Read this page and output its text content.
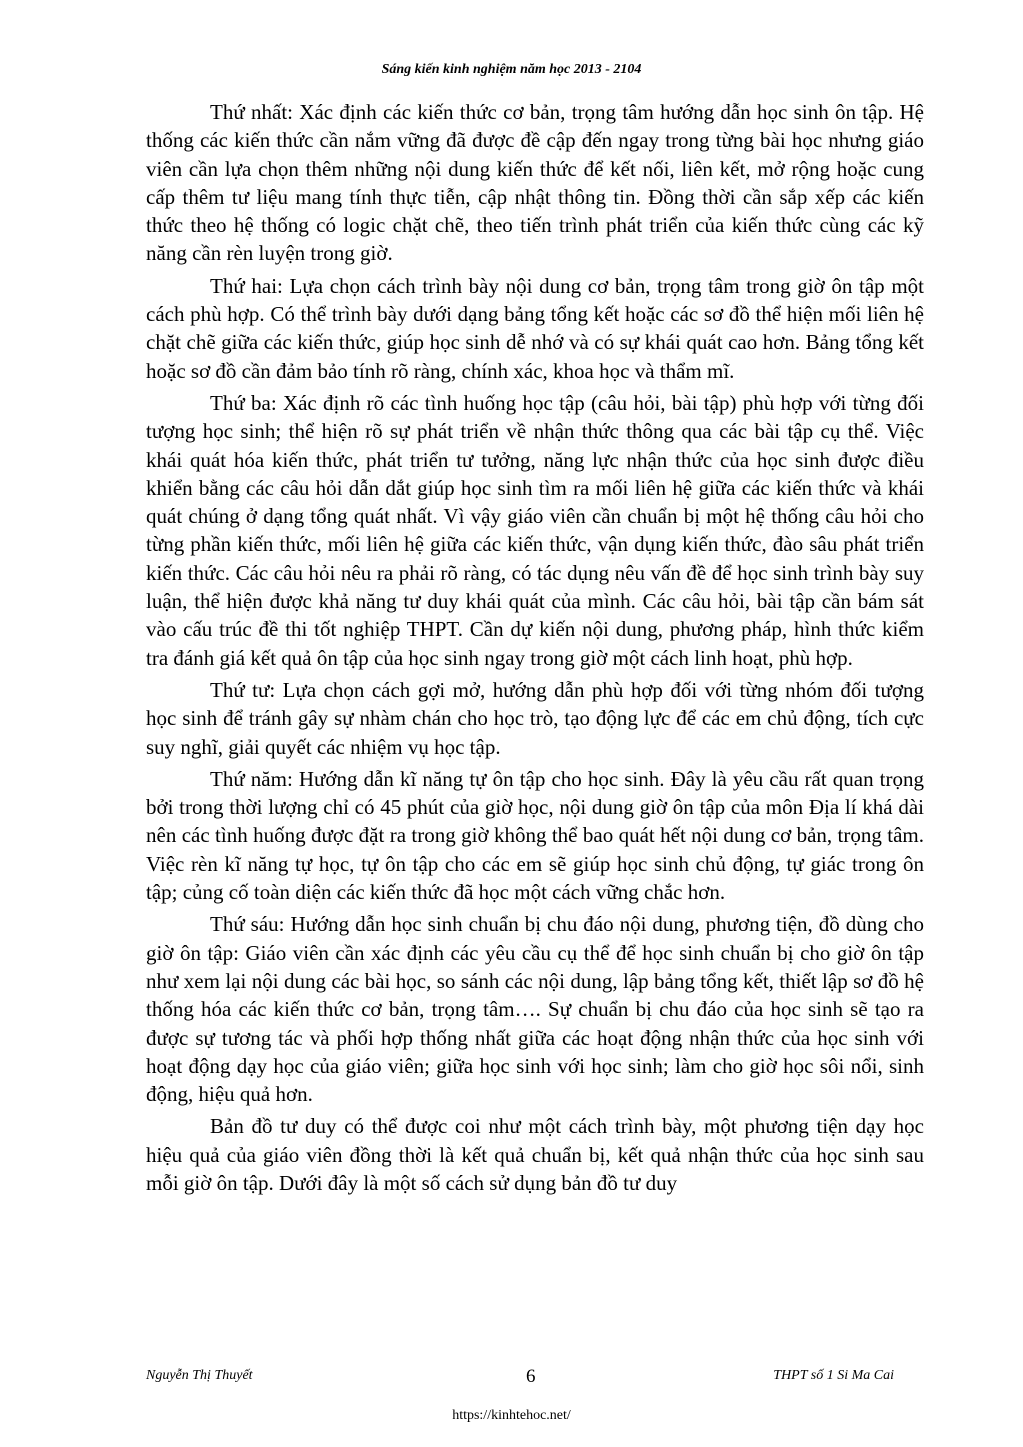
Sáng kiến kinh nghiệm năm học 2013 - 2104

Thứ nhất: Xác định các kiến thức cơ bản, trọng tâm hướng dẫn học sinh ôn tập. Hệ thống các kiến thức cần nắm vững đã được đề cập đến ngay trong từng bài học nhưng giáo viên cần lựa chọn thêm những nội dung kiến thức để kết nối, liên kết, mở rộng hoặc cung cấp thêm tư liệu mang tính thực tiễn, cập nhật thông tin. Đồng thời cần sắp xếp các kiến thức theo hệ thống có logic chặt chẽ, theo tiến trình phát triển của kiến thức cùng các kỹ năng cần rèn luyện trong giờ.

Thứ hai: Lựa chọn cách trình bày nội dung cơ bản, trọng tâm trong giờ ôn tập một cách phù hợp. Có thể trình bày dưới dạng bảng tổng kết hoặc các sơ đồ thể hiện mối liên hệ chặt chẽ giữa các kiến thức, giúp học sinh dễ nhớ và có sự khái quát cao hơn. Bảng tổng kết hoặc sơ đồ cần đảm bảo tính rõ ràng, chính xác, khoa học và thẩm mĩ.

Thứ ba: Xác định rõ các tình huống học tập (câu hỏi, bài tập) phù hợp với từng đối tượng học sinh; thể hiện rõ sự phát triển về nhận thức thông qua các bài tập cụ thể. Việc khái quát hóa kiến thức, phát triển tư tưởng, năng lực nhận thức của học sinh được điều khiển bằng các câu hỏi dẫn dắt giúp học sinh tìm ra mối liên hệ giữa các kiến thức và khái quát chúng ở dạng tổng quát nhất. Vì vậy giáo viên cần chuẩn bị một hệ thống câu hỏi cho từng phần kiến thức, mối liên hệ giữa các kiến thức, vận dụng kiến thức, đào sâu phát triển kiến thức. Các câu hỏi nêu ra phải rõ ràng, có tác dụng nêu vấn đề để học sinh trình bày suy luận, thể hiện được khả năng tư duy khái quát của mình. Các câu hỏi, bài tập cần bám sát vào cấu trúc đề thi tốt nghiệp THPT. Cần dự kiến nội dung, phương pháp, hình thức kiểm tra đánh giá kết quả ôn tập của học sinh ngay trong giờ một cách linh hoạt, phù hợp.

Thứ tư: Lựa chọn cách gợi mở, hướng dẫn phù hợp đối với từng nhóm đối tượng học sinh để tránh gây sự nhàm chán cho học trò, tạo động lực để các em chủ động, tích cực suy nghĩ, giải quyết các nhiệm vụ học tập.

Thứ năm: Hướng dẫn kĩ năng tự ôn tập cho học sinh. Đây là yêu cầu rất quan trọng bởi trong thời lượng chỉ có 45 phút của giờ học, nội dung giờ ôn tập của môn Địa lí khá dài nên các tình huống được đặt ra trong giờ không thể bao quát hết nội dung cơ bản, trọng tâm. Việc rèn kĩ năng tự học, tự ôn tập cho các em sẽ giúp học sinh chủ động, tự giác trong ôn tập; củng cố toàn diện các kiến thức đã học một cách vững chắc hơn.

Thứ sáu: Hướng dẫn học sinh chuẩn bị chu đáo nội dung, phương tiện, đồ dùng cho giờ ôn tập: Giáo viên cần xác định các yêu cầu cụ thể để học sinh chuẩn bị cho giờ ôn tập như xem lại nội dung các bài học, so sánh các nội dung, lập bảng tổng kết, thiết lập sơ đồ hệ thống hóa các kiến thức cơ bản, trọng tâm…. Sự chuẩn bị chu đáo của học sinh sẽ tạo ra được sự tương tác và phối hợp thống nhất giữa các hoạt động nhận thức của học sinh với hoạt động dạy học của giáo viên; giữa học sinh với học sinh; làm cho giờ học sôi nổi, sinh động, hiệu quả hơn.

Bản đồ tư duy có thể được coi như một cách trình bày, một phương tiện dạy học hiệu quả của giáo viên đồng thời là kết quả chuẩn bị, kết quả nhận thức của học sinh sau mỗi giờ ôn tập. Dưới đây là một số cách sử dụng bản đồ tư duy

Nguyễn Thị Thuyết	6	THPT số 1 Si Ma Cai
https://kinhtehoc.net/
